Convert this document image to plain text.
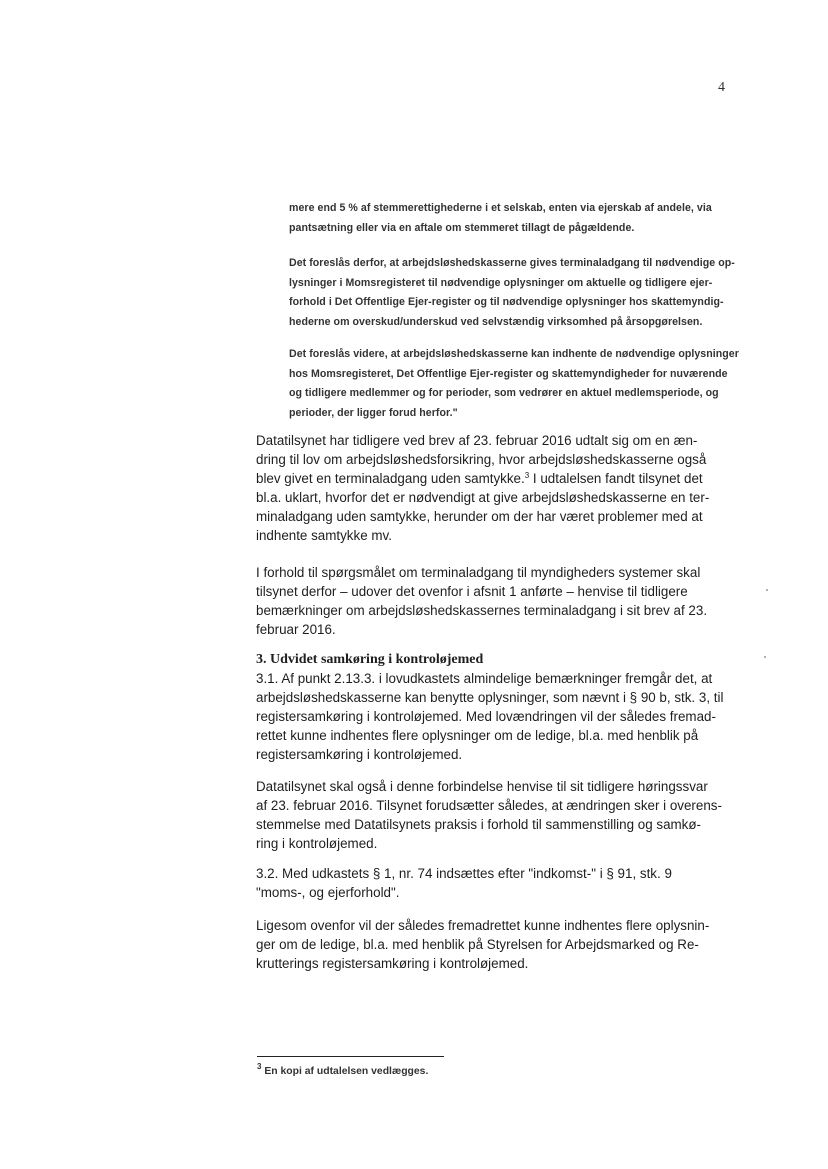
4

mere end 5 % af stemmerettighederne i et selskab, enten via ejerskab af andele, via

pantsætning eller via en aftale om stemmeret tillagt de pågældende.

Det foreslås derfor, at arbejdsløshedskasserne gives terminaladgang til nødvendige op-

lysninger i Momsregisteret til nødvendige oplysninger om aktuelle og tidligere ejer-

forhold i Det Offentlige Ejer-register og til nødvendige oplysninger hos skattemyndig-

hederne om overskud/underskud ved selvstændig virksomhed på årsopgørelsen.

Det foreslås videre, at arbejdsløshedskasserne kan indhente de nødvendige oplysninger

hos Momsregisteret, Det Offentlige Ejer-register og skattemyndigheder for nuværende

og tidligere medlemmer og for perioder, som vedrører en aktuel medlemsperiode, og

perioder, der ligger forud herfor."

Datatilsynet har tidligere ved brev af 23. februar 2016 udtalt sig om en æn-

dring til lov om arbejdsløshedsforsikring, hvor arbejdsløshedskasserne også

blev givet en terminaladgang uden samtykke.$^3$ I udtalelsen fandt tilsynet det

bl.a. uklart, hvorfor det er nødvendigt at give arbejdsløshedskasserne en ter-

minaladgang uden samtykke, herunder om der har været problemer med at

indhente samtykke mv.

I forhold til spørgsmålet om terminaladgang til myndigheders systemer skal

tilsynet derfor – udover det ovenfor i afsnit 1 anførte – henvise til tidligere

bemærkninger om arbejdsløshedskassernes terminaladgang i sit brev af 23.

februar 2016.

3. Udvidet samkøring i kontroløjemed

3.1. Af punkt 2.13.3. i lovudkastets almindelige bemærkninger fremgår det, at

arbejdsløshedskasserne kan benytte oplysninger, som nævnt i § 90 b, stk. 3, til

registersamkøring i kontroløjemed. Med lovændringen vil der således fremad-

rettet kunne indhentes flere oplysninger om de ledige, bl.a. med henblik på

registersamkøring i kontroløjemed.

Datatilsynet skal også i denne forbindelse henvise til sit tidligere høringssvar

af 23. februar 2016. Tilsynet forudsætter således, at ændringen sker i overens-

stemmelse med Datatilsynets praksis i forhold til sammenstilling og samkø-

ring i kontroløjemed.

3.2. Med udkastets § 1, nr. 74 indsættes efter "indkomst-" i § 91, stk. 9

"moms-, og ejerforhold".

Ligesom ovenfor vil der således fremadrettet kunne indhentes flere oplysnin-

ger om de ledige, bl.a. med henblik på Styrelsen for Arbejdsmarked og Re-

krutterings registersamkøring i kontroløjemed.

$^3$ En kopi af udtalelsen vedlægges.
